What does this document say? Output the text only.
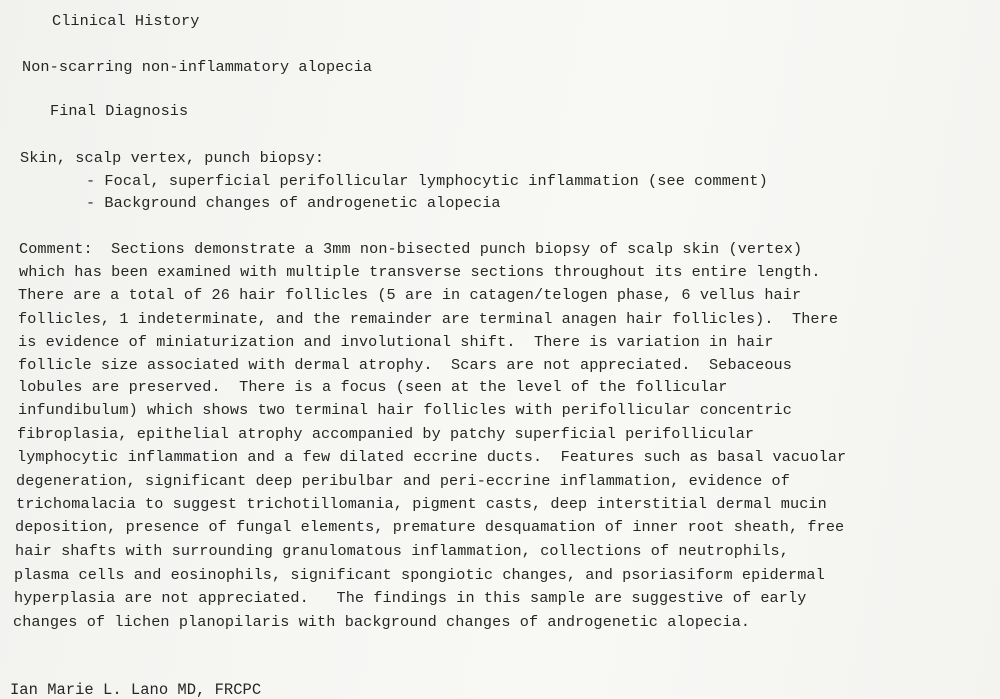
Clinical History
Non-scarring non-inflammatory alopecia
Final Diagnosis
Skin, scalp vertex, punch biopsy:
- Focal, superficial perifollicular lymphocytic inflammation (see comment)
- Background changes of androgenetic alopecia
Comment:  Sections demonstrate a 3mm non-bisected punch biopsy of scalp skin (vertex)
which has been examined with multiple transverse sections throughout its entire length.
There are a total of 26 hair follicles (5 are in catagen/telogen phase, 6 vellus hair
follicles, 1 indeterminate, and the remainder are terminal anagen hair follicles).  There
is evidence of miniaturization and involutional shift.  There is variation in hair
follicle size associated with dermal atrophy.  Scars are not appreciated.  Sebaceous
lobules are preserved.  There is a focus (seen at the level of the follicular
infundibulum) which shows two terminal hair follicles with perifollicular concentric
fibroplasia, epithelial atrophy accompanied by patchy superficial perifollicular
lymphocytic inflammation and a few dilated eccrine ducts.  Features such as basal vacuolar
degeneration, significant deep peribulbar and peri-eccrine inflammation, evidence of
trichomalacia to suggest trichotillomania, pigment casts, deep interstitial dermal mucin
deposition, presence of fungal elements, premature desquamation of inner root sheath, free
hair shafts with surrounding granulomatous inflammation, collections of neutrophils,
plasma cells and eosinophils, significant spongiotic changes, and psoriasiform epidermal
hyperplasia are not appreciated.   The findings in this sample are suggestive of early
changes of lichen planopilaris with background changes of androgenetic alopecia.
Ian Marie L. Lano MD, FRCPC
